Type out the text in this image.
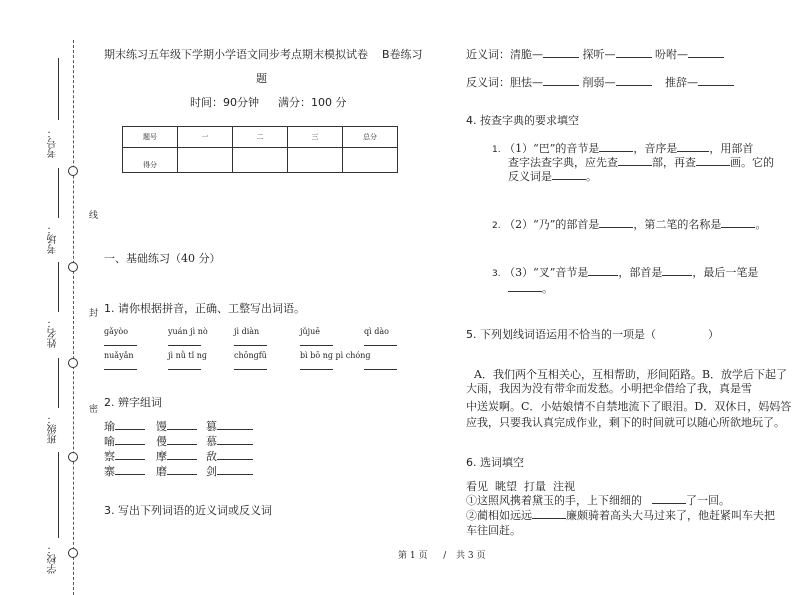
考号：
考场：
姓名：
班级：
学校：
线
封
密
期末练习五年级下学期小学语文同步考点期末模拟试卷 B卷练习
题
时间：90分钟 满分：100 分
题号	一	二	三	总分
得分				
一、基础练习（40 分）
1. 请你根据拼音，正确、工整写出词语。
ɡǎyòo	yuán jì nò	jì diàn	jǔjuē	qì dào
nuǎyǎn	jì nǜ tǐ nɡ	chōnɡfū	bì bō nɡ pì chónɡ
2. 辨字组词
瑜	馒	篡
喻	僈	慕
察	摩	敌
寨	磨	剑
3. 写出下列词语的近义词或反义词
近义词：清脆—	探听—	吩咐—
反义词：胆怯—	削弱—	推辞—
4. 按查字典的要求填空
1. （1）“巴”的音节是	，音序是	，用部首
查字法查字典，应先查	部，再查	画。它的
反义词是	。
2. （2）“乃”的部首是	，第二笔的名称是	。
3. （3）“叉”音节是	，部首是	，最后一笔是
。
5. 下列划线词语运用不恰当的一项是（	）
A．我们两个互相关心，互相帮助，形间陌路。B．放学后下起了
大雨，我因为没有带伞而发愁。小明把伞借给了我，真是雪
中送炭啊。C．小姑娘情不自禁地流下了眼泪。D．双休日，妈妈答
应我，只要我认真完成作业，剩下的时间就可以随心所欲地玩了。
6. 选词填空
看见  眺望  打量  注视
①这照风携着黛玉的手，上下细细的	了一回。
②蔺相如远远	廉颇骑着高头大马过来了，他赶紧叫车夫把
车往回赶。
第 1 页 / 共 3 页
